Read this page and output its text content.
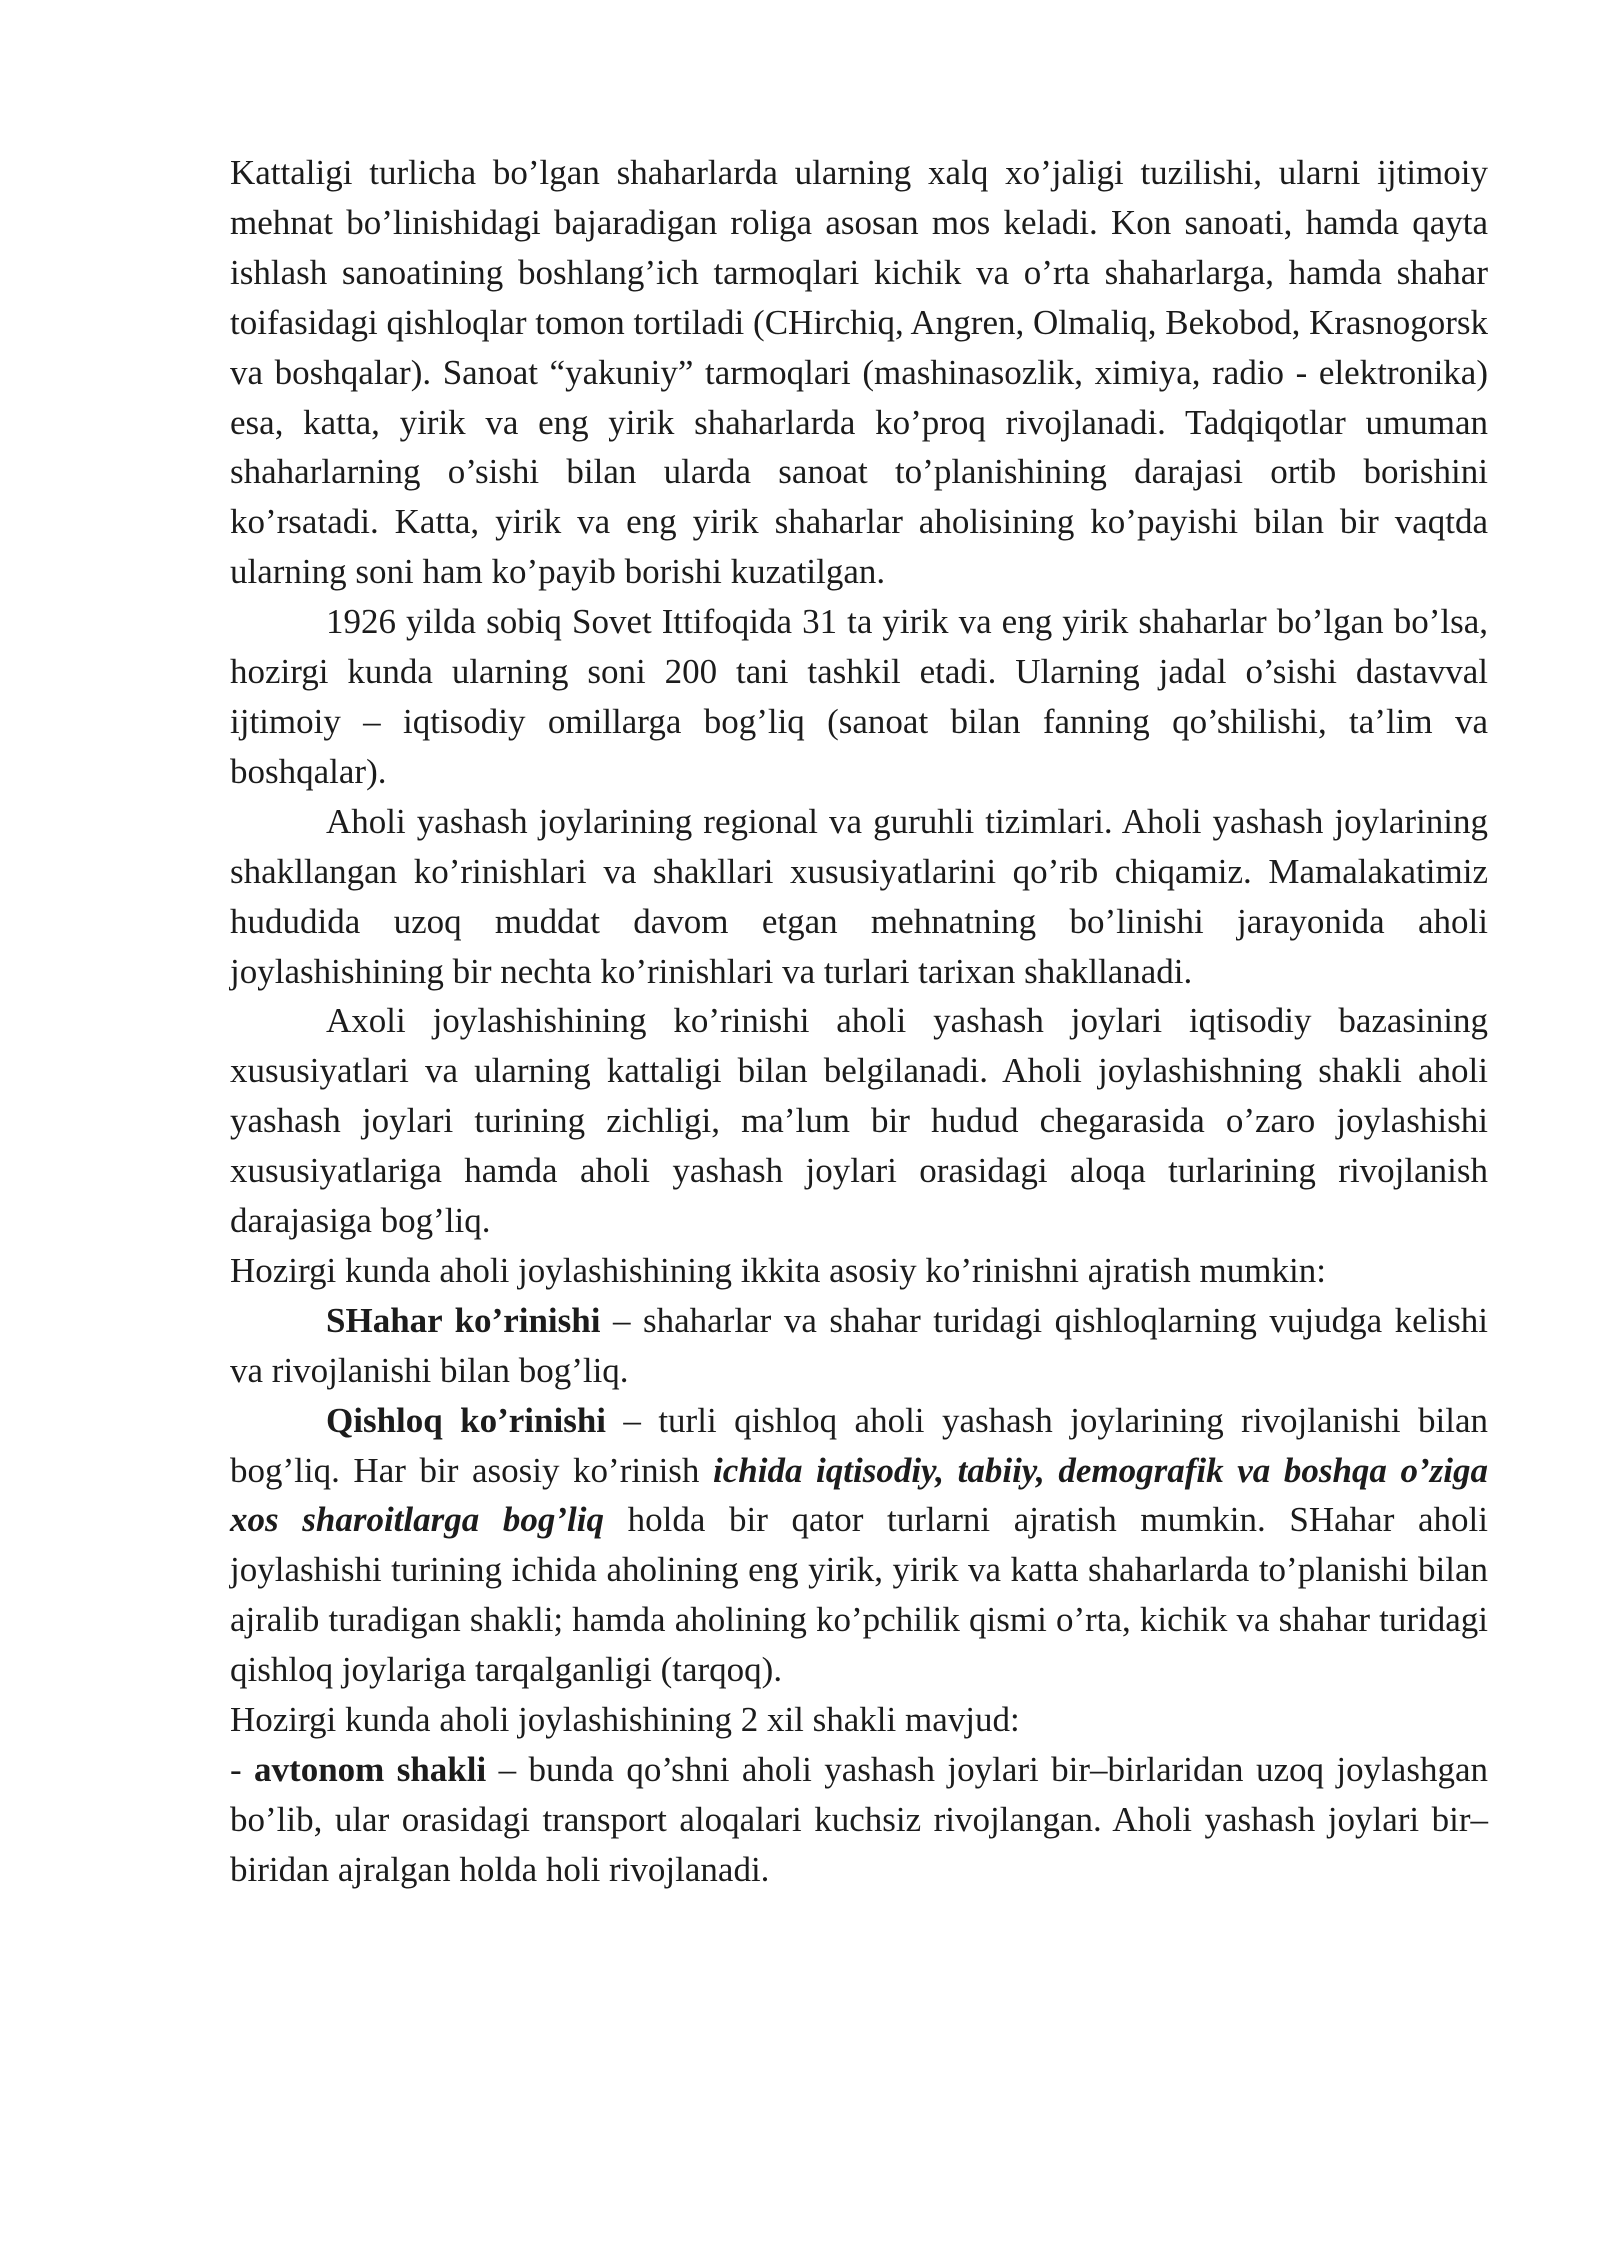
Kattaligi turlicha bo’lgan shaharlarda ularning xalq xo’jaligi tuzilishi, ularni ijtimoiy mehnat bo’linishidagi bajaradigan roliga asosan mos keladi. Kon sanoati, hamda qayta ishlash sanoatining boshlang’ich tarmoqlari kichik va o’rta shaharlarga, hamda shahar toifasidagi qishloqlar tomon tortiladi (CHirchiq, Angren, Olmaliq, Bekobod, Krasnogorsk va boshqalar). Sanoat “yakuniy” tarmoqlari (mashinasozlik, ximiya, radio - elektronika) esa, katta, yirik va eng yirik shaharlarda ko’proq rivojlanadi. Tadqiqotlar umuman shaharlarning o’sishi bilan ularda sanoat to’planishining darajasi ortib borishini ko’rsatadi. Katta, yirik va eng yirik shaharlar aholisining ko’payishi bilan bir vaqtda ularning soni ham ko’payib borishi kuzatilgan.

1926 yilda sobiq Sovet Ittifoqida 31 ta yirik va eng yirik shaharlar bo’lgan bo’lsa, hozirgi kunda ularning soni 200 tani tashkil etadi. Ularning jadal o’sishi dastavval ijtimoiy – iqtisodiy omillarga bog’liq (sanoat bilan fanning qo’shilishi, ta’lim va boshqalar).

Aholi yashash joylarining regional va guruhli tizimlari. Aholi yashash joylarining shakllangan ko’rinishlari va shakllari xususiyatlarini qo’rib chiqamiz. Mamalakatimiz hududida uzoq muddat davom etgan mehnatning bo’linishi jarayonida aholi joylashishining bir nechta ko’rinishlari va turlari tarixan shakllanadi.

Axoli joylashishining ko’rinishi aholi yashash joylari iqtisodiy bazasining xususiyatlari va ularning kattaligi bilan belgilanadi. Aholi joylashishning shakli aholi yashash joylari turining zichligi, ma’lum bir hudud chegarasida o’zaro joylashishi xususiyatlariga hamda aholi yashash joylari orasidagi aloqa turlarining rivojlanish darajasiga bog’liq.

Hozirgi kunda aholi joylashishining ikkita asosiy ko’rinishni ajratish mumkin:

SHahar ko’rinishi – shaharlar va shahar turidagi qishloqlarning vujudga kelishi va rivojlanishi bilan bog’liq.

Qishloq ko’rinishi – turli qishloq aholi yashash joylarining rivojlanishi bilan bog’liq. Har bir asosiy ko’rinish ichida iqtisodiy, tabiiy, demografik va boshqa o’ziga xos sharoitlarga bog’liq holda bir qator turlarni ajratish mumkin. SHahar aholi joylashishi turining ichida aholining eng yirik, yirik va katta shaharlarda to’planishi bilan ajralib turadigan shakli; hamda aholining ko’pchilik qismi o’rta, kichik va shahar turidagi qishloq joylariga tarqalganligi (tarqoq).

Hozirgi kunda aholi joylashishining 2 xil shakli mavjud:

- avtonom shakli – bunda qo’shni aholi yashash joylari bir–birlaridan uzoq joylashgan bo’lib, ular orasidagi transport aloqalari kuchsiz rivojlangan. Aholi yashash joylari bir–biridan ajralgan holda holi rivojlanadi.
